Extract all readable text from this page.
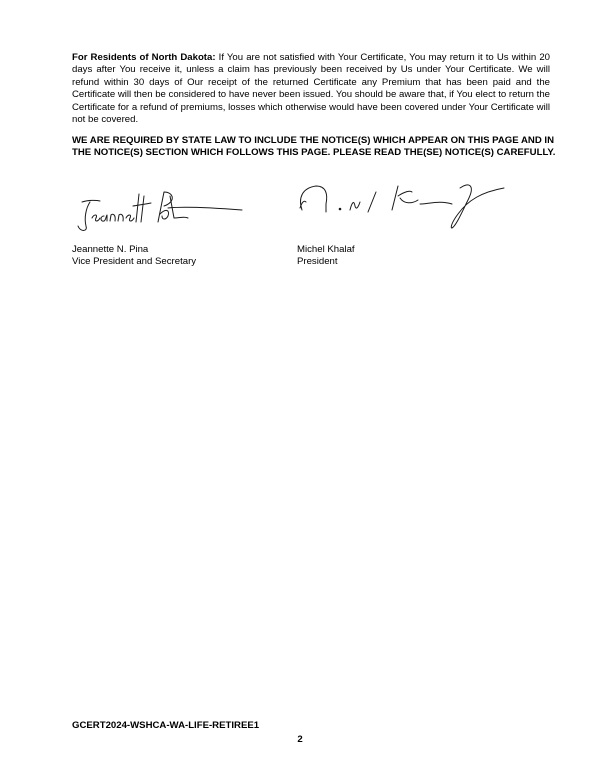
For Residents of North Dakota: If You are not satisfied with Your Certificate, You may return it to Us within 20 days after You receive it, unless a claim has previously been received by Us under Your Certificate. We will refund within 30 days of Our receipt of the returned Certificate any Premium that has been paid and the Certificate will then be considered to have never been issued. You should be aware that, if You elect to return the Certificate for a refund of premiums, losses which otherwise would have been covered under Your Certificate will not be covered.

WE ARE REQUIRED BY STATE LAW TO INCLUDE THE NOTICE(S) WHICH APPEAR ON THIS PAGE AND IN THE NOTICE(S) SECTION WHICH FOLLOWS THIS PAGE. PLEASE READ THE(SE) NOTICE(S) CAREFULLY.

Jeannette N. Pina
Vice President and Secretary
Michel Khalaf
President
GCERT2024-WSHCA-WA-LIFE-RETIREE1
2
